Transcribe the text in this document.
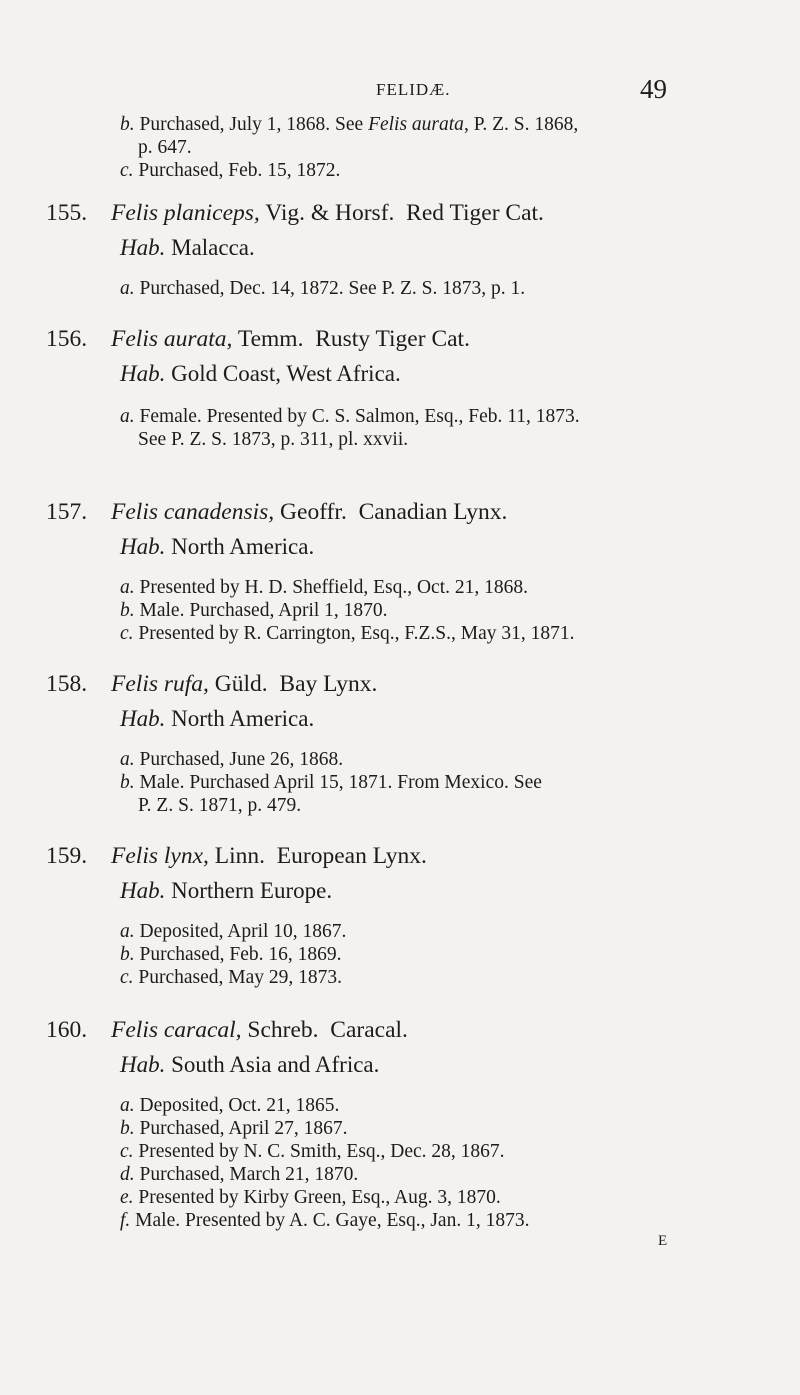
FELIDÆ.	49
b. Purchased, July 1, 1868. See Felis aurata, P. Z. S. 1868,
p. 647.
c. Purchased, Feb. 15, 1872.
155. Felis planiceps, Vig. & Horsf. Red Tiger Cat.
Hab. Malacca.
a. Purchased, Dec. 14, 1872. See P. Z. S. 1873, p. 1.
156. Felis aurata, Temm. Rusty Tiger Cat.
Hab. Gold Coast, West Africa.
a. Female. Presented by C. S. Salmon, Esq., Feb. 11, 1873.
See P. Z. S. 1873, p. 311, pl. xxvii.
157. Felis canadensis, Geoffr. Canadian Lynx.
Hab. North America.
a. Presented by H. D. Sheffield, Esq., Oct. 21, 1868.
b. Male. Purchased, April 1, 1870.
c. Presented by R. Carrington, Esq., F.Z.S., May 31, 1871.
158. Felis rufa, Güld. Bay Lynx.
Hab. North America.
a. Purchased, June 26, 1868.
b. Male. Purchased April 15, 1871. From Mexico. See
P. Z. S. 1871, p. 479.
159. Felis lynx, Linn. European Lynx.
Hab. Northern Europe.
a. Deposited, April 10, 1867.
b. Purchased, Feb. 16, 1869.
c. Purchased, May 29, 1873.
160. Felis caracal, Schreb. Caracal.
Hab. South Asia and Africa.
a. Deposited, Oct. 21, 1865.
b. Purchased, April 27, 1867.
c. Presented by N. C. Smith, Esq., Dec. 28, 1867.
d. Purchased, March 21, 1870.
e. Presented by Kirby Green, Esq., Aug. 3, 1870.
f. Male. Presented by A. C. Gaye, Esq., Jan. 1, 1873.
E
